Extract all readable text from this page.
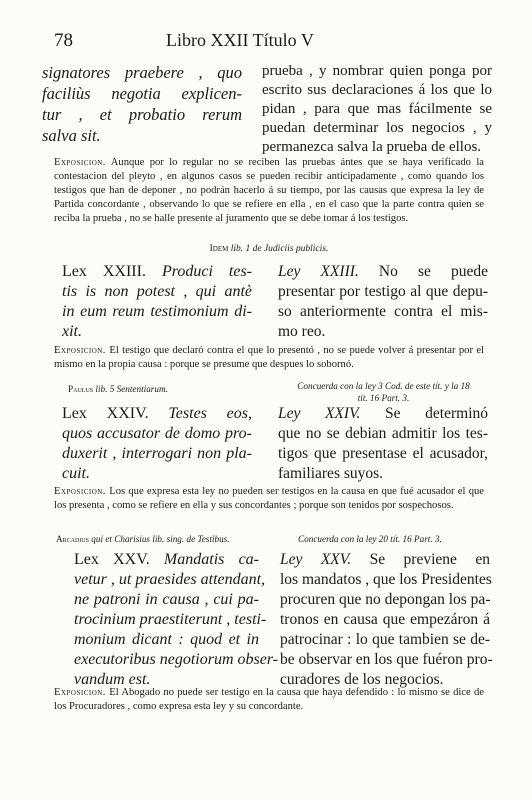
78	Libro XXII Título V
signatores praebere , quo
faciliùs negotia explicen-
tur , et probatio rerum
salva sit.
prueba , y nombrar quien ponga por
escrito sus declaraciones á los que lo
pidan , para que mas fácilmente se
puedan determinar los negocios , y
permanezca salva la prueba de ellos.
Exposicion. Aunque por lo regular no se reciben las pruebas ántes que se haya verificado la contestacion del pleyto , en algunos casos se pueden recibir anticipadamente , como quando los testigos que han de deponer , no podrán hacerlo á su tiempo, por las causas que expresa la ley de Partida concordante , observando lo que se refiere en ella , en el caso que la parte contra quien se reciba la prueba , no se halle presente al juramento que se debe tomar á los testigos.
Idem lib. 1 de Judiciis publicis.
Lex XXIII. Produci tes-
tis is non potest , qui antè
in eum reum testimonium di-
xit.
Ley XXIII. No se puede
presentar por testigo al que depu-
so anteriormente contra el mis-
mo reo.
Exposicion. El testigo que declaró contra el que lo presentó , no se puede volver á presentar por el mismo en la propia causa : porque se presume que despues lo sobornó.
Paulus lib. 5 Sententiarum.	Concuerda con la ley 3 Cod. de este tít. y la 18
tít. 16 Part. 3.
Lex XXIV. Testes eos,
quos accusator de domo pro-
duxerit , interrogari non pla-
cuit.
Ley XXIV. Se determinó
que no se debian admitir los tes-
tigos que presentase el acusador,
familiares suyos.
Exposicion. Los que expresa esta ley no pueden ser testigos en la causa en que fué acusador el que los presenta , como se refiere en ella y sus concordantes ; porque son tenidos por sospechosos.
Arcadius qui et Charisius lib. sing. de Testibus.	Concuerda con la ley 20 tít. 16 Part. 3.
Lex XXV. Mandatis ca-
vetur , ut praesides attendant,
ne patroni in causa , cui pa-
trocinium praestiterunt , testi-
monium dicant : quod et in
executoribus negotiorum obser-
vandum est.
Ley XXV. Se previene en
los mandatos , que los Presidentes
procuren que no depongan los pa-
tronos en causa que empezáron á
patrocinar : lo que tambien se de-
be observar en los que fuéron pro-
curadores de los negocios.
Exposicion. El Abogado no puede ser testigo en la causa que haya defendido : lo mismo se dice de los Procuradores , como expresa esta ley y su concordante.
